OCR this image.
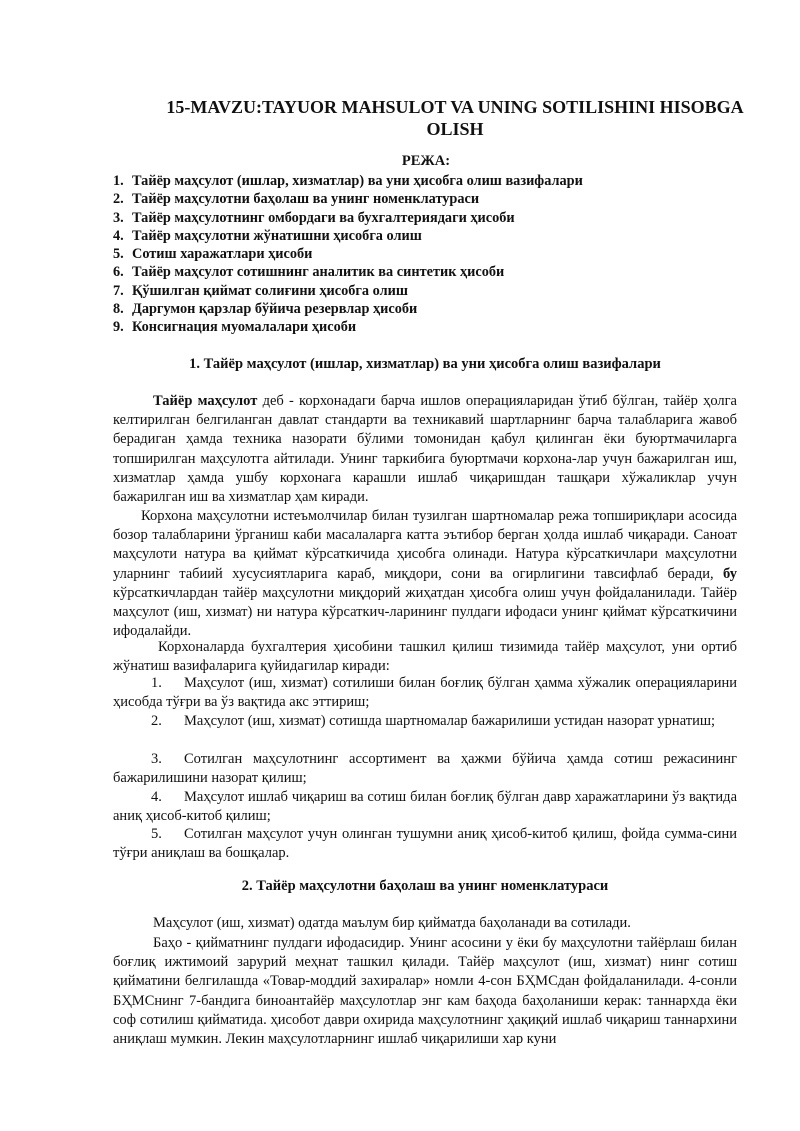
15-MAVZU:TAYUOR MAHSULOT VA UNING SOTILISHINI HISOBGA OLISH
РЕЖА:
1. Тайёр маҳсулот (ишлар, хизматлар) ва уни ҳисобга олиш вазифалари
2. Тайёр маҳсулотни баҳолаш ва унинг номенклатураси
3. Тайёр маҳсулотнинг омбордаги ва бухгалтериядаги ҳисоби
4. Тайёр маҳсулотни жўнатишни ҳисобга олиш
5. Сотиш харажатлари ҳисоби
6. Тайёр маҳсулот сотишнинг аналитик ва синтетик ҳисоби
7. Қўшилган қиймат солиғини ҳисобга олиш
8. Даргумон қарзлар бўйича резервлар ҳисоби
9. Консигнация муомалалари ҳисоби
1. Тайёр маҳсулот (ишлар, хизматлар) ва уни ҳисобга олиш вазифалари

Тайёр маҳсулот деб - корхонадаги барча ишлов операцияларидан ўтиб бўлган, тайёр ҳолга келтирилган белгиланган давлат стандарти ва техникавий шартларнинг барча талабларига жавоб берадиган ҳамда техника назорати бўлими томонидан қабул қилинган ёки буюртмачиларга топширилган маҳсулотга айтилади. Унинг таркибига буюртмачи корхона-лар учун бажарилган иш, хизматлар ҳамда ушбу корхонага карашли ишлаб чиқаришдан ташқари хўжаликлар учун бажарилган иш ва хизматлар ҳам киради.

Корхона маҳсулотни истеъмолчилар билан тузилган шартномалар режа топшириқлари асосида бозор талабларини ўрганиш каби масалаларга катта эътибор берган ҳолда ишлаб чиқаради. Саноат маҳсулоти натура ва қиймат кўрсаткичида ҳисобга олинади. Натура кўрсаткичлари маҳсулотни уларнинг табиий хусусиятларига караб, миқдори, сони ва огирлигини тавсифлаб беради, бу кўрсаткичлардан тайёр маҳсулотни миқдорий жиҳатдан ҳисобга олиш учун фойдаланилади. Тайёр маҳсулот (иш, хизмат) ни натура кўрсаткич-ларининг пулдаги ифодаси унинг қиймат кўрсаткичини ифодалайди.

Корхоналарда бухгалтерия ҳисобини ташкил қилиш тизимида тайёр маҳсулот, уни ортиб жўнатиш вазифаларига қуйидагилар киради:

1. Маҳсулот (иш, хизмат) сотилиши билан боғлиқ бўлган ҳамма хўжалик операцияларини ҳисобда тўғри ва ўз вақтида акс эттириш;

2. Маҳсулот (иш, хизмат) сотишда шартномалар бажарилиши устидан назорат урнатиш;

3. Сотилган маҳсулотнинг ассортимент ва ҳажми бўйича ҳамда сотиш режасининг бажарилишини назорат қилиш;

4. Маҳсулот ишлаб чиқариш ва сотиш билан боғлиқ бўлган давр харажатларини ўз вақтида аниқ ҳисоб-китоб қилиш;

5. Сотилган маҳсулот учун олинган тушумни аниқ ҳисоб-китоб қилиш, фойда сумма-сини тўғри аниқлаш ва бошқалар.

2. Тайёр маҳсулотни баҳолаш ва унинг номенклатураси

Маҳсулот (иш, хизмат) одатда маълум бир қийматда баҳоланади ва сотилади.

Баҳо - қийматнинг пулдаги ифодасидир. Унинг асосини у ёки бу маҳсулотни тайёрлаш билан боғлиқ ижтимоий зарурий меҳнат ташкил қилади. Тайёр маҳсулот (иш, хизмат) нинг сотиш қийматини белгилашда «Товар-моддий захиралар» номли 4-сон БҲМСдан фойдаланилади. 4-сонли БҲМСнинг 7-бандига биноантайёр маҳсулотлар энг кам баҳода баҳоланиши керак: таннархда ёки соф сотилиш қийматида. ҳисобот даври охирида маҳсулотнинг ҳақиқий ишлаб чиқариш таннархини аниқлаш мумкин. Лекин маҳсулотларнинг ишлаб чиқарилиши хар куни
